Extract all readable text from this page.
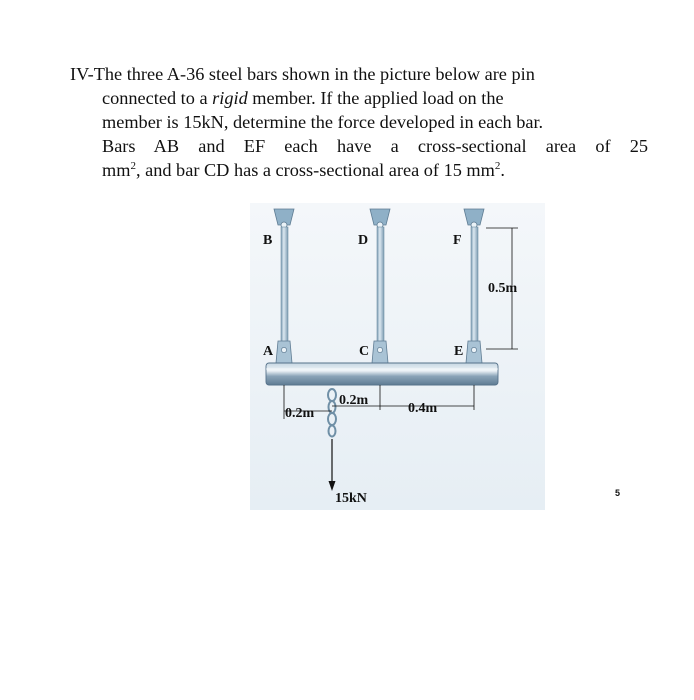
IV-The three A-36 steel bars shown in the picture below are pin
connected to a rigid member. If the applied load on the
member is 15kN, determine the force developed in each bar.
Bars AB and EF each have a cross-sectional area of 25
$mm^2$, and bar CD has a cross-sectional area of 15 $mm^2$.
B	D	F
A	C	E
0.5m
0.2m
0.2m
0.4m
15kN	5
